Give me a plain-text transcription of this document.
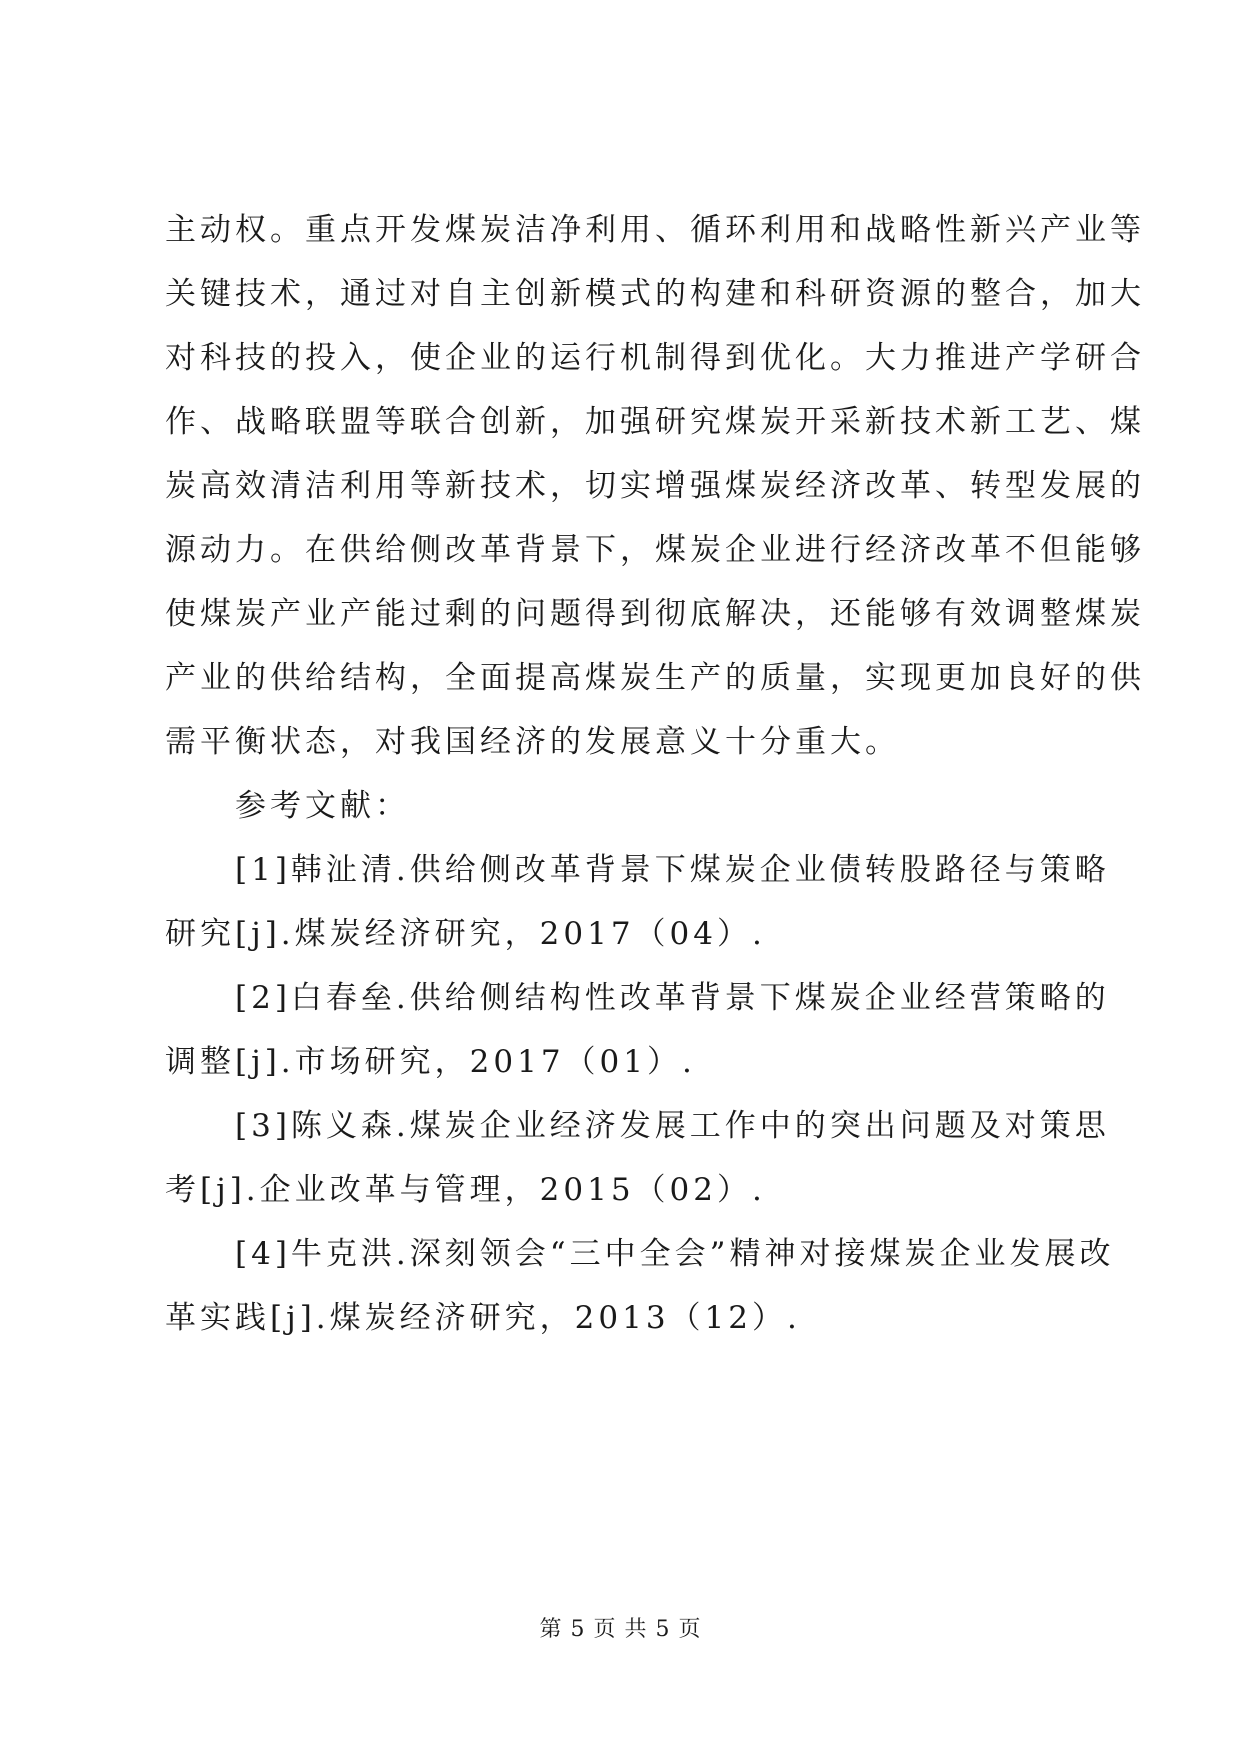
主动权。重点开发煤炭洁净利用、循环利用和战略性新兴产业等
关键技术，通过对自主创新模式的构建和科研资源的整合，加大
对科技的投入，使企业的运行机制得到优化。大力推进产学研合
作、战略联盟等联合创新，加强研究煤炭开采新技术新工艺、煤
炭高效清洁利用等新技术，切实增强煤炭经济改革、转型发展的
源动力。在供给侧改革背景下，煤炭企业进行经济改革不但能够
使煤炭产业产能过剩的问题得到彻底解决，还能够有效调整煤炭
产业的供给结构，全面提高煤炭生产的质量，实现更加良好的供
需平衡状态，对我国经济的发展意义十分重大。
参考文献：
[1]韩沚清.供给侧改革背景下煤炭企业债转股路径与策略
研究[j].煤炭经济研究，2017（04）.
[2]白春垒.供给侧结构性改革背景下煤炭企业经营策略的
调整[j].市场研究，2017（01）.
[3]陈义森.煤炭企业经济发展工作中的突出问题及对策思
考[j].企业改革与管理，2015（02）.
[4]牛克洪.深刻领会“三中全会”精神对接煤炭企业发展改
革实践[j].煤炭经济研究，2013（12）.
第 5 页 共 5 页
